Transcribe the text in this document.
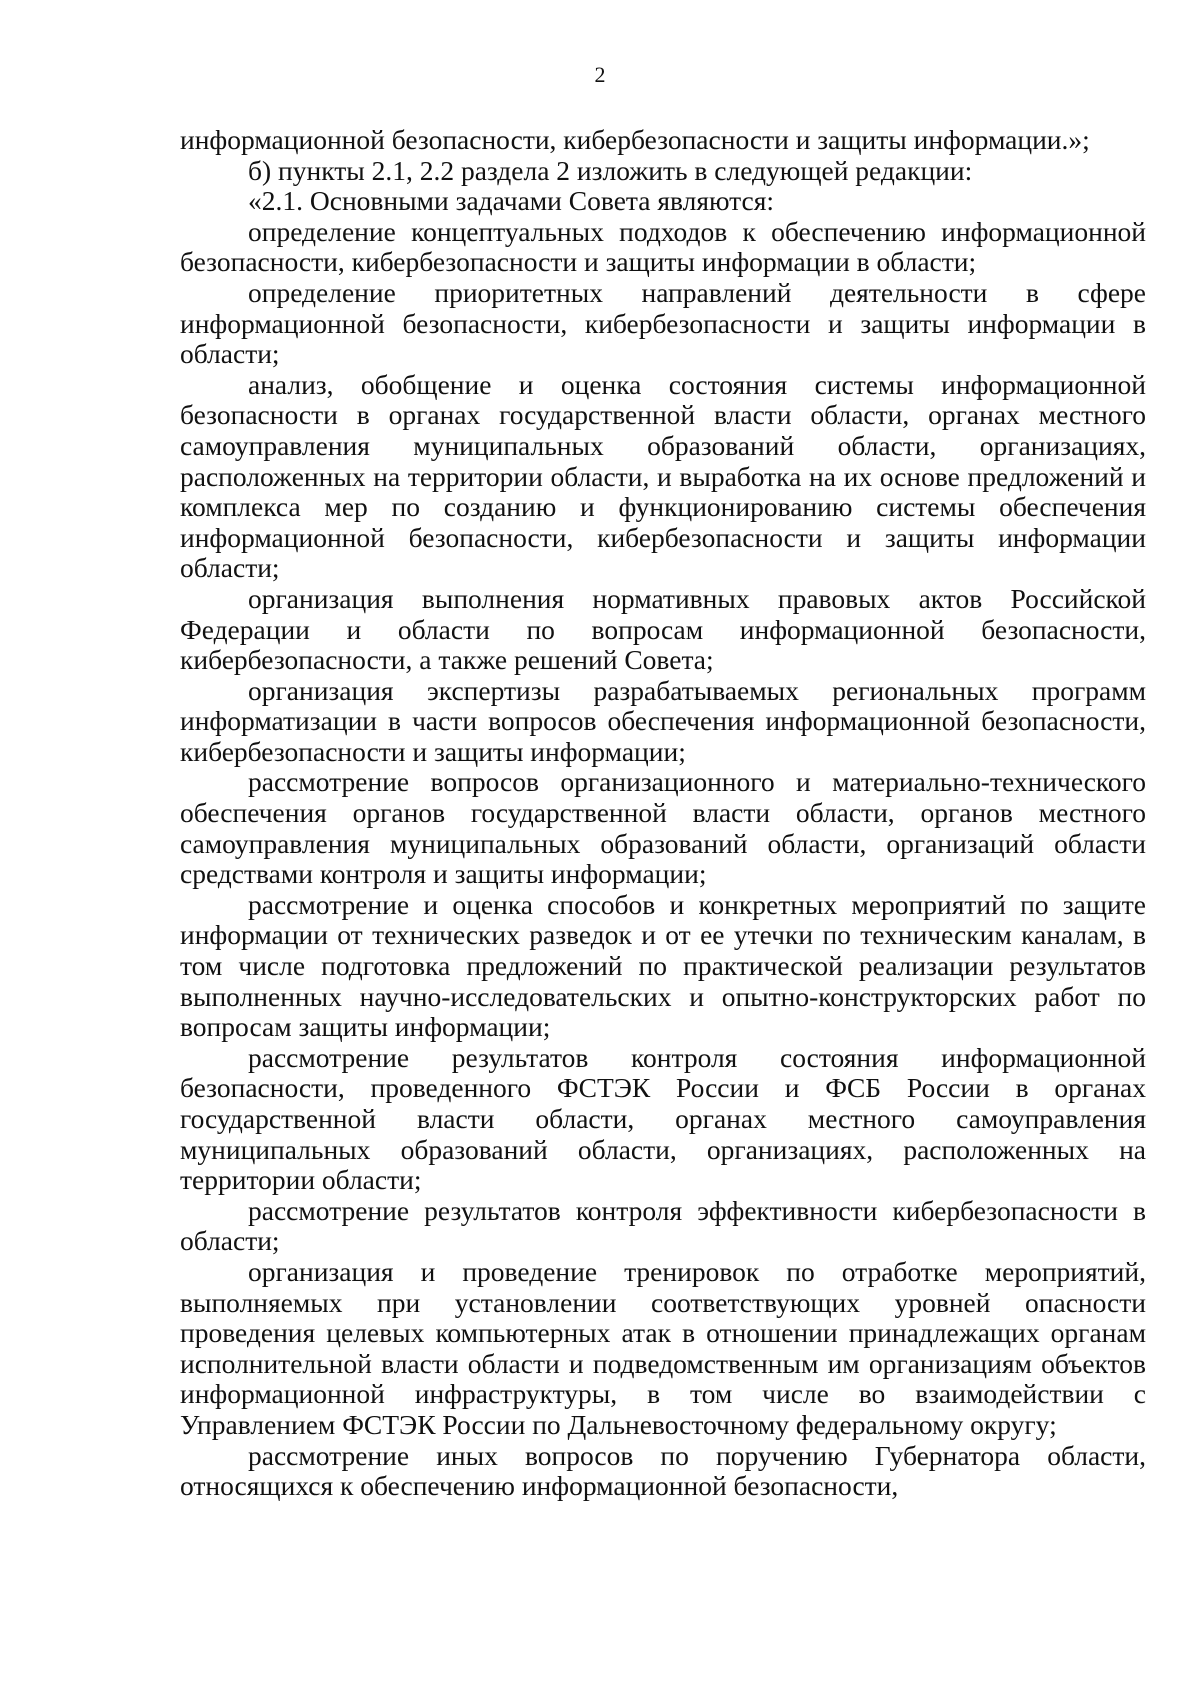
2

информационной безопасности, кибербезопасности и защиты информации.»;

б) пункты 2.1, 2.2 раздела 2 изложить в следующей редакции:

«2.1. Основными задачами Совета являются:

определение концептуальных подходов к обеспечению информационной безопасности, кибербезопасности и защиты информации в области;

определение приоритетных направлений деятельности в сфере информационной безопасности, кибербезопасности и защиты информации в области;

анализ, обобщение и оценка состояния системы информационной безопасности в органах государственной власти области, органах местного самоуправления муниципальных образований области, организациях, расположенных на территории области, и выработка на их основе предложений и комплекса мер по созданию и функционированию системы обеспечения информационной безопасности, кибербезопасности и защиты информации области;

организация выполнения нормативных правовых актов Российской Федерации и области по вопросам информационной безопасности, кибербезопасности, а также решений Совета;

организация экспертизы разрабатываемых региональных программ информатизации в части вопросов обеспечения информационной безопасности, кибербезопасности и защиты информации;

рассмотрение вопросов организационного и материально-технического обеспечения органов государственной власти области, органов местного самоуправления муниципальных образований области, организаций области средствами контроля и защиты информации;

рассмотрение и оценка способов и конкретных мероприятий по защите информации от технических разведок и от ее утечки по техническим каналам, в том числе подготовка предложений по практической реализации результатов выполненных научно-исследовательских и опытно-конструкторских работ по вопросам защиты информации;

рассмотрение результатов контроля состояния информационной безопасности, проведенного ФСТЭК России и ФСБ России в органах государственной власти области, органах местного самоуправления муниципальных образований области, организациях, расположенных на территории области;

рассмотрение результатов контроля эффективности кибербезопасности в области;

организация и проведение тренировок по отработке мероприятий, выполняемых при установлении соответствующих уровней опасности проведения целевых компьютерных атак в отношении принадлежащих органам исполнительной власти области и подведомственным им организациям объектов информационной инфраструктуры, в том числе во взаимодействии с Управлением ФСТЭК России по Дальневосточному федеральному округу;

рассмотрение иных вопросов по поручению Губернатора области, относящихся к обеспечению информационной безопасности,
